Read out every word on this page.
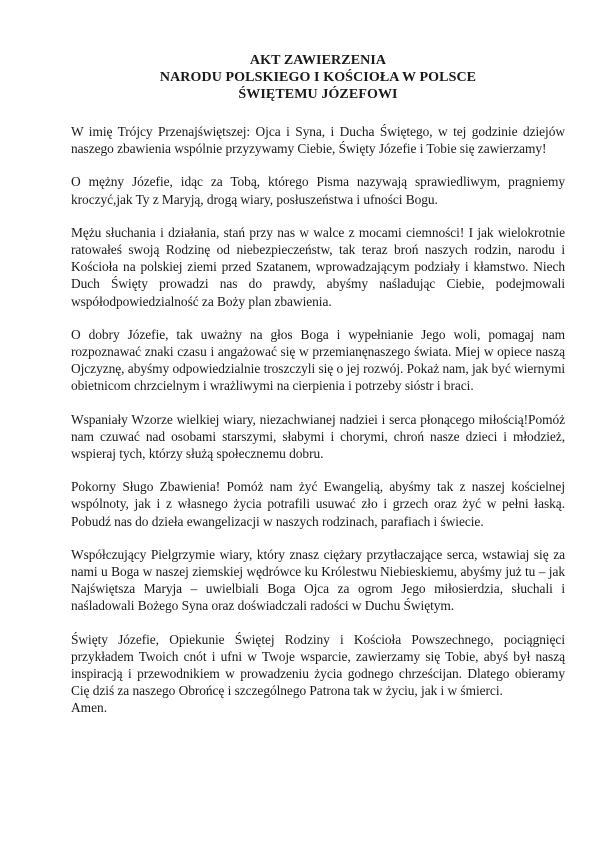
AKT ZAWIERZENIA
NARODU POLSKIEGO I KOŚCIOŁA W POLSCE
ŚWIĘTEMU JÓZEFOWI

W imię Trójcy Przenajświętszej: Ojca i Syna, i Ducha Świętego, w tej godzinie dziejów naszego zbawienia wspólnie przyzywamy Ciebie, Święty Józefie i Tobie się zawierzamy!

O mężny Józefie, idąc za Tobą, którego Pisma nazywają sprawiedliwym, pragniemy kroczyć,jak Ty z Maryją, drogą wiary, posłuszeństwa i ufności Bogu.

Mężu słuchania i działania, stań przy nas w walce z mocami ciemności! I jak wielokrotnie ratowałeś swoją Rodzinę od niebezpieczeństw, tak teraz broń naszych rodzin, narodu i Kościoła na polskiej ziemi przed Szatanem, wprowadzającym podziały i kłamstwo. Niech Duch Święty prowadzi nas do prawdy, abyśmy naśladując Ciebie, podejmowali współodpowiedzialność za Boży plan zbawienia.

O dobry Józefie, tak uważny na głos Boga i wypełnianie Jego woli, pomagaj nam rozpoznawać znaki czasu i angażować się w przemianęnaszego świata. Miej w opiece naszą Ojczyznę, abyśmy odpowiedzialnie troszczyli się o jej rozwój. Pokaż nam, jak być wiernymi obietnicom chrzcielnym i wrażliwymi na cierpienia i potrzeby sióstr i braci.

Wspaniały Wzorze wielkiej wiary, niezachwianej nadziei i serca płonącego miłością!Pomóż nam czuwać nad osobami starszymi, słabymi i chorymi, chroń nasze dzieci i młodzież, wspieraj tych, którzy służą społecznemu dobru.

Pokorny Sługo Zbawienia! Pomóż nam żyć Ewangelią, abyśmy tak z naszej kościelnej wspólnoty, jak i z własnego życia potrafili usuwać zło i grzech oraz żyć w pełni łaską. Pobudź nas do dzieła ewangelizacji w naszych rodzinach, parafiach i świecie.

Współczujący Pielgrzymie wiary, który znasz ciężary przytłaczające serca, wstawiaj się za nami u Boga w naszej ziemskiej wędrówce ku Królestwu Niebieskiemu, abyśmy już tu – jak Najświętsza Maryja – uwielbiali Boga Ojca za ogrom Jego miłosierdzia, słuchali i naśladowali Bożego Syna oraz doświadczali radości w Duchu Świętym.

Święty Józefie, Opiekunie Świętej Rodziny i Kościoła Powszechnego, pociągnięci przykładem Twoich cnót i ufni w Twoje wsparcie, zawierzamy się Tobie, abyś był naszą inspiracją i przewodnikiem w prowadzeniu życia godnego chrześcijan. Dlatego obieramy Cię dziś za naszego Obrońcę i szczególnego Patrona tak w życiu, jak i w śmierci.

Amen.
